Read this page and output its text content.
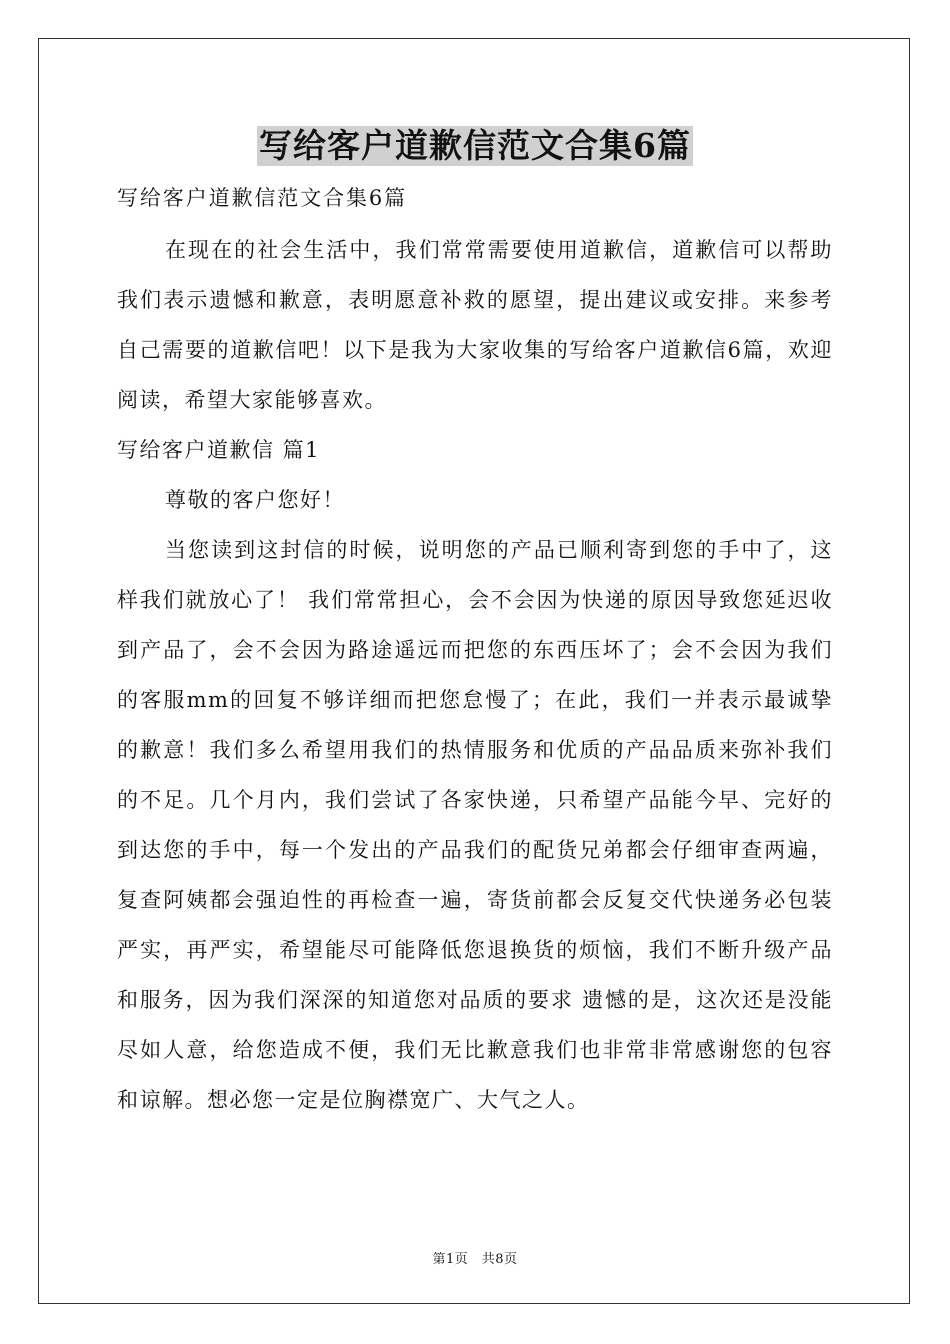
写给客户道歉信范文合集6篇
写给客户道歉信范文合集6篇
在现在的社会生活中，我们常常需要使用道歉信，道歉信可以帮助我们表示遗憾和歉意，表明愿意补救的愿望，提出建议或安排。来参考自己需要的道歉信吧！以下是我为大家收集的写给客户道歉信6篇，欢迎阅读，希望大家能够喜欢。
写给客户道歉信 篇1
尊敬的客户您好！
当您读到这封信的时候，说明您的产品已顺利寄到您的手中了，这样我们就放心了！ 我们常常担心，会不会因为快递的原因导致您延迟收到产品了，会不会因为路途遥远而把您的东西压坏了；会不会因为我们的客服mm的回复不够详细而把您怠慢了；在此，我们一并表示最诚挚的歉意！我们多么希望用我们的热情服务和优质的产品品质来弥补我们的不足。几个月内，我们尝试了各家快递，只希望产品能今早、完好的到达您的手中，每一个发出的产品我们的配货兄弟都会仔细审查两遍，复查阿姨都会强迫性的再检查一遍，寄货前都会反复交代快递务必包装严实，再严实，希望能尽可能降低您退换货的烦恼，我们不断升级产品和服务，因为我们深深的知道您对品质的要求 遗憾的是，这次还是没能尽如人意，给您造成不便，我们无比歉意我们也非常非常感谢您的包容和谅解。想必您一定是位胸襟宽广、大气之人。
第1页　共8页
